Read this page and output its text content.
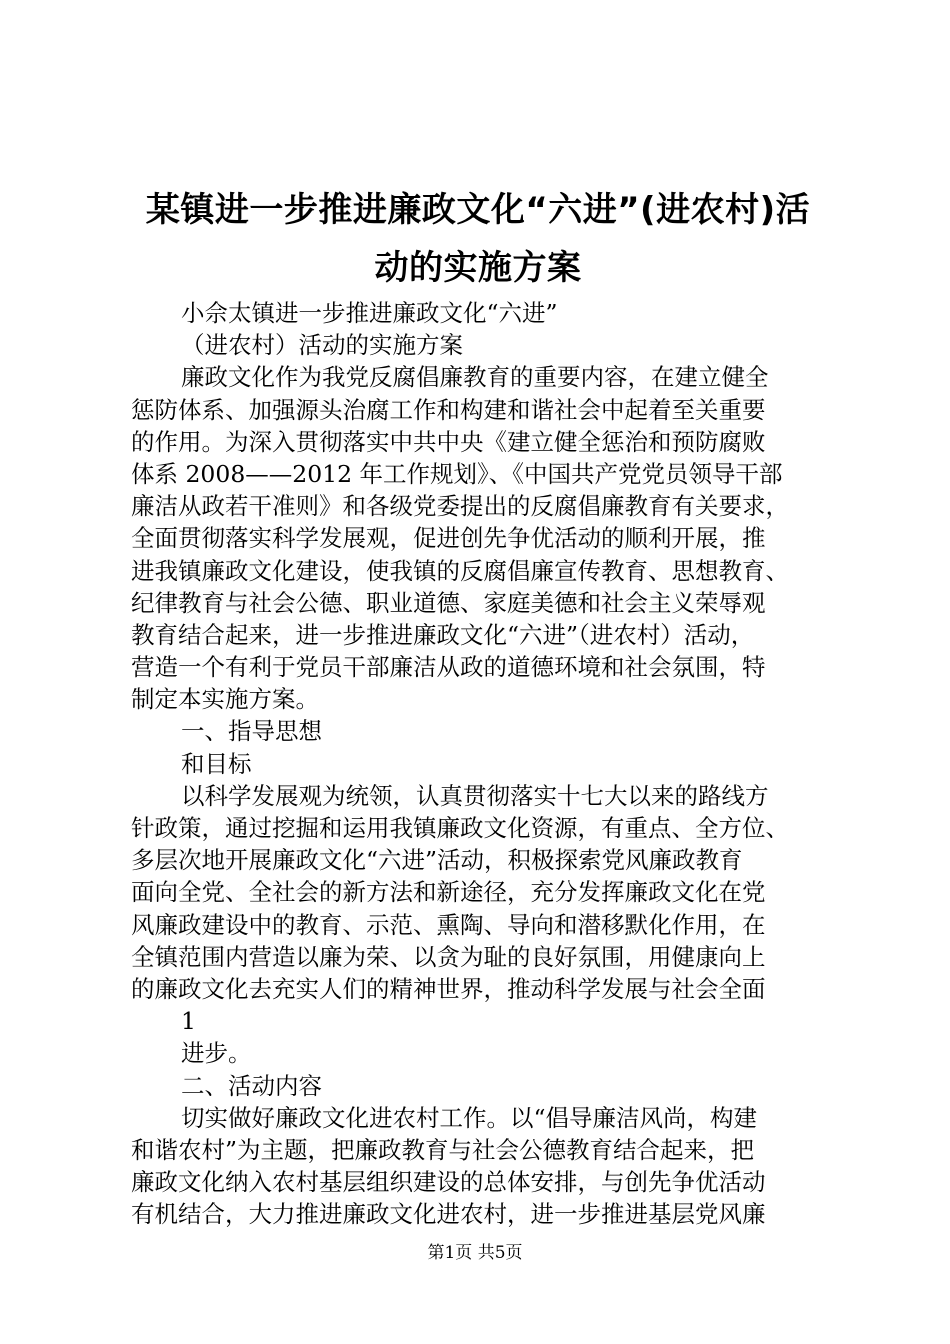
某镇进一步推进廉政文化“六进”(进农村)活
动的实施方案
小佘太镇进一步推进廉政文化“六进”
（进农村）活动的实施方案
廉政文化作为我党反腐倡廉教育的重要内容，在建立健全
惩防体系、加强源头治腐工作和构建和谐社会中起着至关重要
的作用。为深入贯彻落实中共中央《建立健全惩治和预防腐败
体系 2008——2012 年工作规划》、《中国共产党党员领导干部
廉洁从政若干准则》和各级党委提出的反腐倡廉教育有关要求，
全面贯彻落实科学发展观，促进创先争优活动的顺利开展，推
进我镇廉政文化建设，使我镇的反腐倡廉宣传教育、思想教育、
纪律教育与社会公德、职业道德、家庭美德和社会主义荣辱观
教育结合起来，进一步推进廉政文化“六进”（进农村）活动，
营造一个有利于党员干部廉洁从政的道德环境和社会氛围，特
制定本实施方案。
一、指导思想
和目标
以科学发展观为统领，认真贯彻落实十七大以来的路线方
针政策，通过挖掘和运用我镇廉政文化资源，有重点、全方位、
多层次地开展廉政文化“六进”活动，积极探索党风廉政教育
面向全党、全社会的新方法和新途径，充分发挥廉政文化在党
风廉政建设中的教育、示范、熏陶、导向和潜移默化作用，在
全镇范围内营造以廉为荣、以贪为耻的良好氛围，用健康向上
的廉政文化去充实人们的精神世界，推动科学发展与社会全面
1
进步。
二、活动内容
切实做好廉政文化进农村工作。以“倡导廉洁风尚，构建
和谐农村”为主题，把廉政教育与社会公德教育结合起来，把
廉政文化纳入农村基层组织建设的总体安排，与创先争优活动
有机结合，大力推进廉政文化进农村，进一步推进基层党风廉
第1页 共5页
